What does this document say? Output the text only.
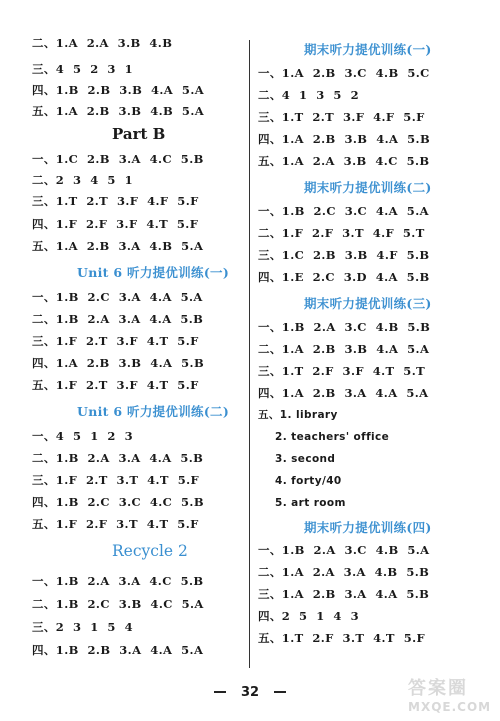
二、1.A  2.A  3.B  4.B
三、4  5  2  3  1
四、1.B  2.B  3.B  4.A  5.A
五、1.A  2.B  3.B  4.B  5.A
Part B
一、1.C  2.B  3.A  4.C  5.B
二、2  3  4  5  1
三、1.T  2.T  3.F  4.F  5.F
四、1.F  2.F  3.F  4.T  5.F
五、1.A  2.B  3.A  4.B  5.A
Unit 6 听力提优训练(一)
一、1.B  2.C  3.A  4.A  5.A
二、1.B  2.A  3.A  4.A  5.B
三、1.F  2.T  3.F  4.T  5.F
四、1.A  2.B  3.B  4.A  5.B
五、1.F  2.T  3.F  4.T  5.F
Unit 6 听力提优训练(二)
一、4  5  1  2  3
二、1.B  2.A  3.A  4.A  5.B
三、1.F  2.T  3.T  4.T  5.F
四、1.B  2.C  3.C  4.C  5.B
五、1.F  2.F  3.T  4.T  5.F
Recycle 2
一、1.B  2.A  3.A  4.C  5.B
二、1.B  2.C  3.B  4.C  5.A
三、2  3  1  5  4
四、1.B  2.B  3.A  4.A  5.A
期末听力提优训练(一)
一、1.A  2.B  3.C  4.B  5.C
二、4  1  3  5  2
三、1.T  2.T  3.F  4.F  5.F
四、1.A  2.B  3.B  4.A  5.B
五、1.A  2.A  3.B  4.C  5.B
期末听力提优训练(二)
一、1.B  2.C  3.C  4.A  5.A
二、1.F  2.F  3.T  4.F  5.T
三、1.C  2.B  3.B  4.F  5.B
四、1.E  2.C  3.D  4.A  5.B
期末听力提优训练(三)
一、1.B  2.A  3.C  4.B  5.B
二、1.A  2.B  3.B  4.A  5.A
三、1.T  2.F  3.F  4.T  5.T
四、1.A  2.B  3.A  4.A  5.A
五、1. library
2. teachers' office
3. second
4. forty/40
5. art room
期末听力提优训练(四)
一、1.B  2.A  3.C  4.B  5.A
二、1.A  2.A  3.A  4.B  5.B
三、1.A  2.B  3.A  4.A  5.B
四、2  5  1  4  3
五、1.T  2.F  3.T  4.T  5.F
32	答案圈
MXQE.COM
